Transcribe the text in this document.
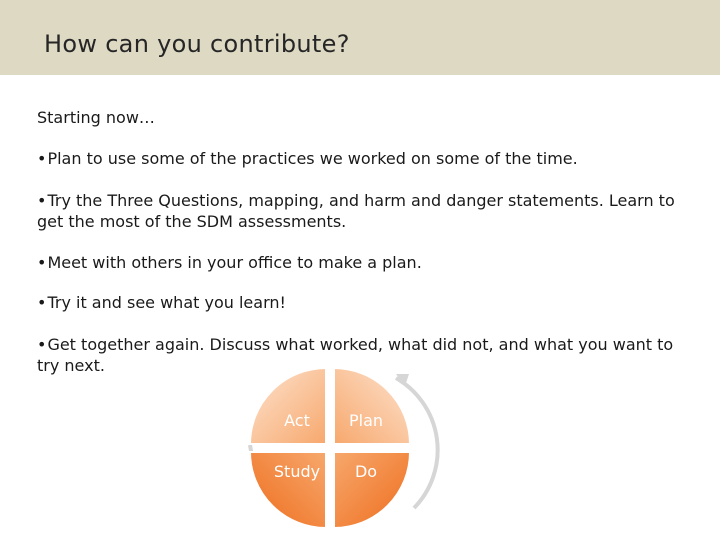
How can you contribute?
Starting now…
•Plan to use some of the practices we worked on some of the time.
•Try the Three Questions, mapping, and harm and danger statements. Learn to get the most of the SDM assessments.
•Meet with others in your office to make a plan.
•Try it and see what you learn!
•Get together again. Discuss what worked, what did not, and what you want to try next.
Act Plan
Study Do
